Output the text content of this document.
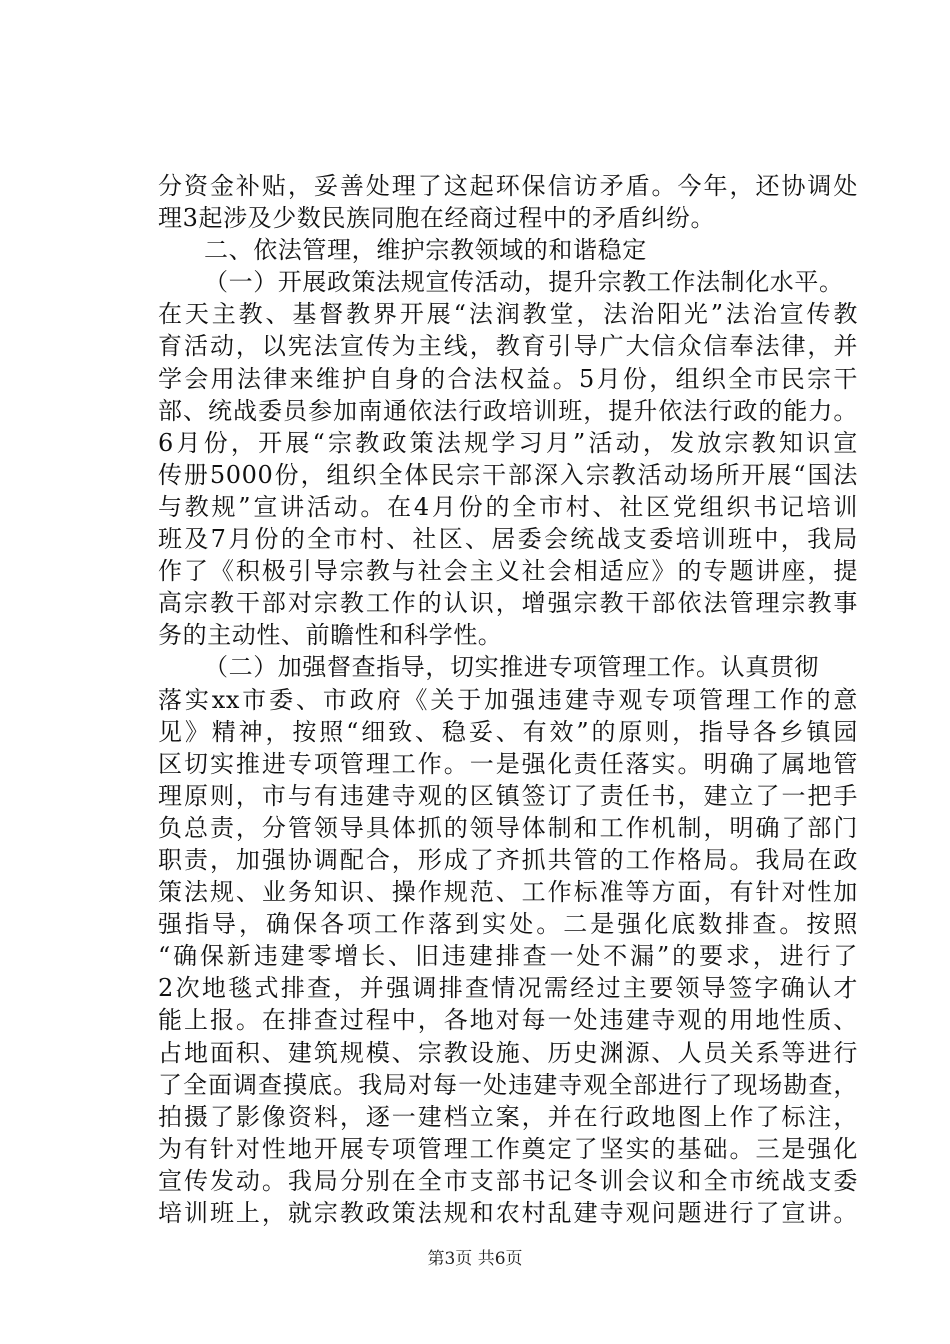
分资金补贴，妥善处理了这起环保信访矛盾。今年，还协调处
理3起涉及少数民族同胞在经商过程中的矛盾纠纷。
二、依法管理，维护宗教领域的和谐稳定
（一）开展政策法规宣传活动，提升宗教工作法制化水平。
在天主教、基督教界开展“法润教堂，法治阳光”法治宣传教
育活动，以宪法宣传为主线，教育引导广大信众信奉法律，并
学会用法律来维护自身的合法权益。5月份，组织全市民宗干
部、统战委员参加南通依法行政培训班，提升依法行政的能力。
6月份，开展“宗教政策法规学习月”活动，发放宗教知识宣
传册5000份，组织全体民宗干部深入宗教活动场所开展“国法
与教规”宣讲活动。在4月份的全市村、社区党组织书记培训
班及7月份的全市村、社区、居委会统战支委培训班中，我局
作了《积极引导宗教与社会主义社会相适应》的专题讲座，提
高宗教干部对宗教工作的认识，增强宗教干部依法管理宗教事
务的主动性、前瞻性和科学性。
（二）加强督查指导，切实推进专项管理工作。认真贯彻
落实xx市委、市政府《关于加强违建寺观专项管理工作的意
见》精神，按照“细致、稳妥、有效”的原则，指导各乡镇园
区切实推进专项管理工作。一是强化责任落实。明确了属地管
理原则，市与有违建寺观的区镇签订了责任书，建立了一把手
负总责，分管领导具体抓的领导体制和工作机制，明确了部门
职责，加强协调配合，形成了齐抓共管的工作格局。我局在政
策法规、业务知识、操作规范、工作标准等方面，有针对性加
强指导，确保各项工作落到实处。二是强化底数排查。按照
“确保新违建零增长、旧违建排查一处不漏”的要求，进行了
2次地毯式排查，并强调排查情况需经过主要领导签字确认才
能上报。在排查过程中，各地对每一处违建寺观的用地性质、
占地面积、建筑规模、宗教设施、历史渊源、人员关系等进行
了全面调查摸底。我局对每一处违建寺观全部进行了现场勘查，
拍摄了影像资料，逐一建档立案，并在行政地图上作了标注，
为有针对性地开展专项管理工作奠定了坚实的基础。三是强化
宣传发动。我局分别在全市支部书记冬训会议和全市统战支委
培训班上，就宗教政策法规和农村乱建寺观问题进行了宣讲。
第3页 共6页
